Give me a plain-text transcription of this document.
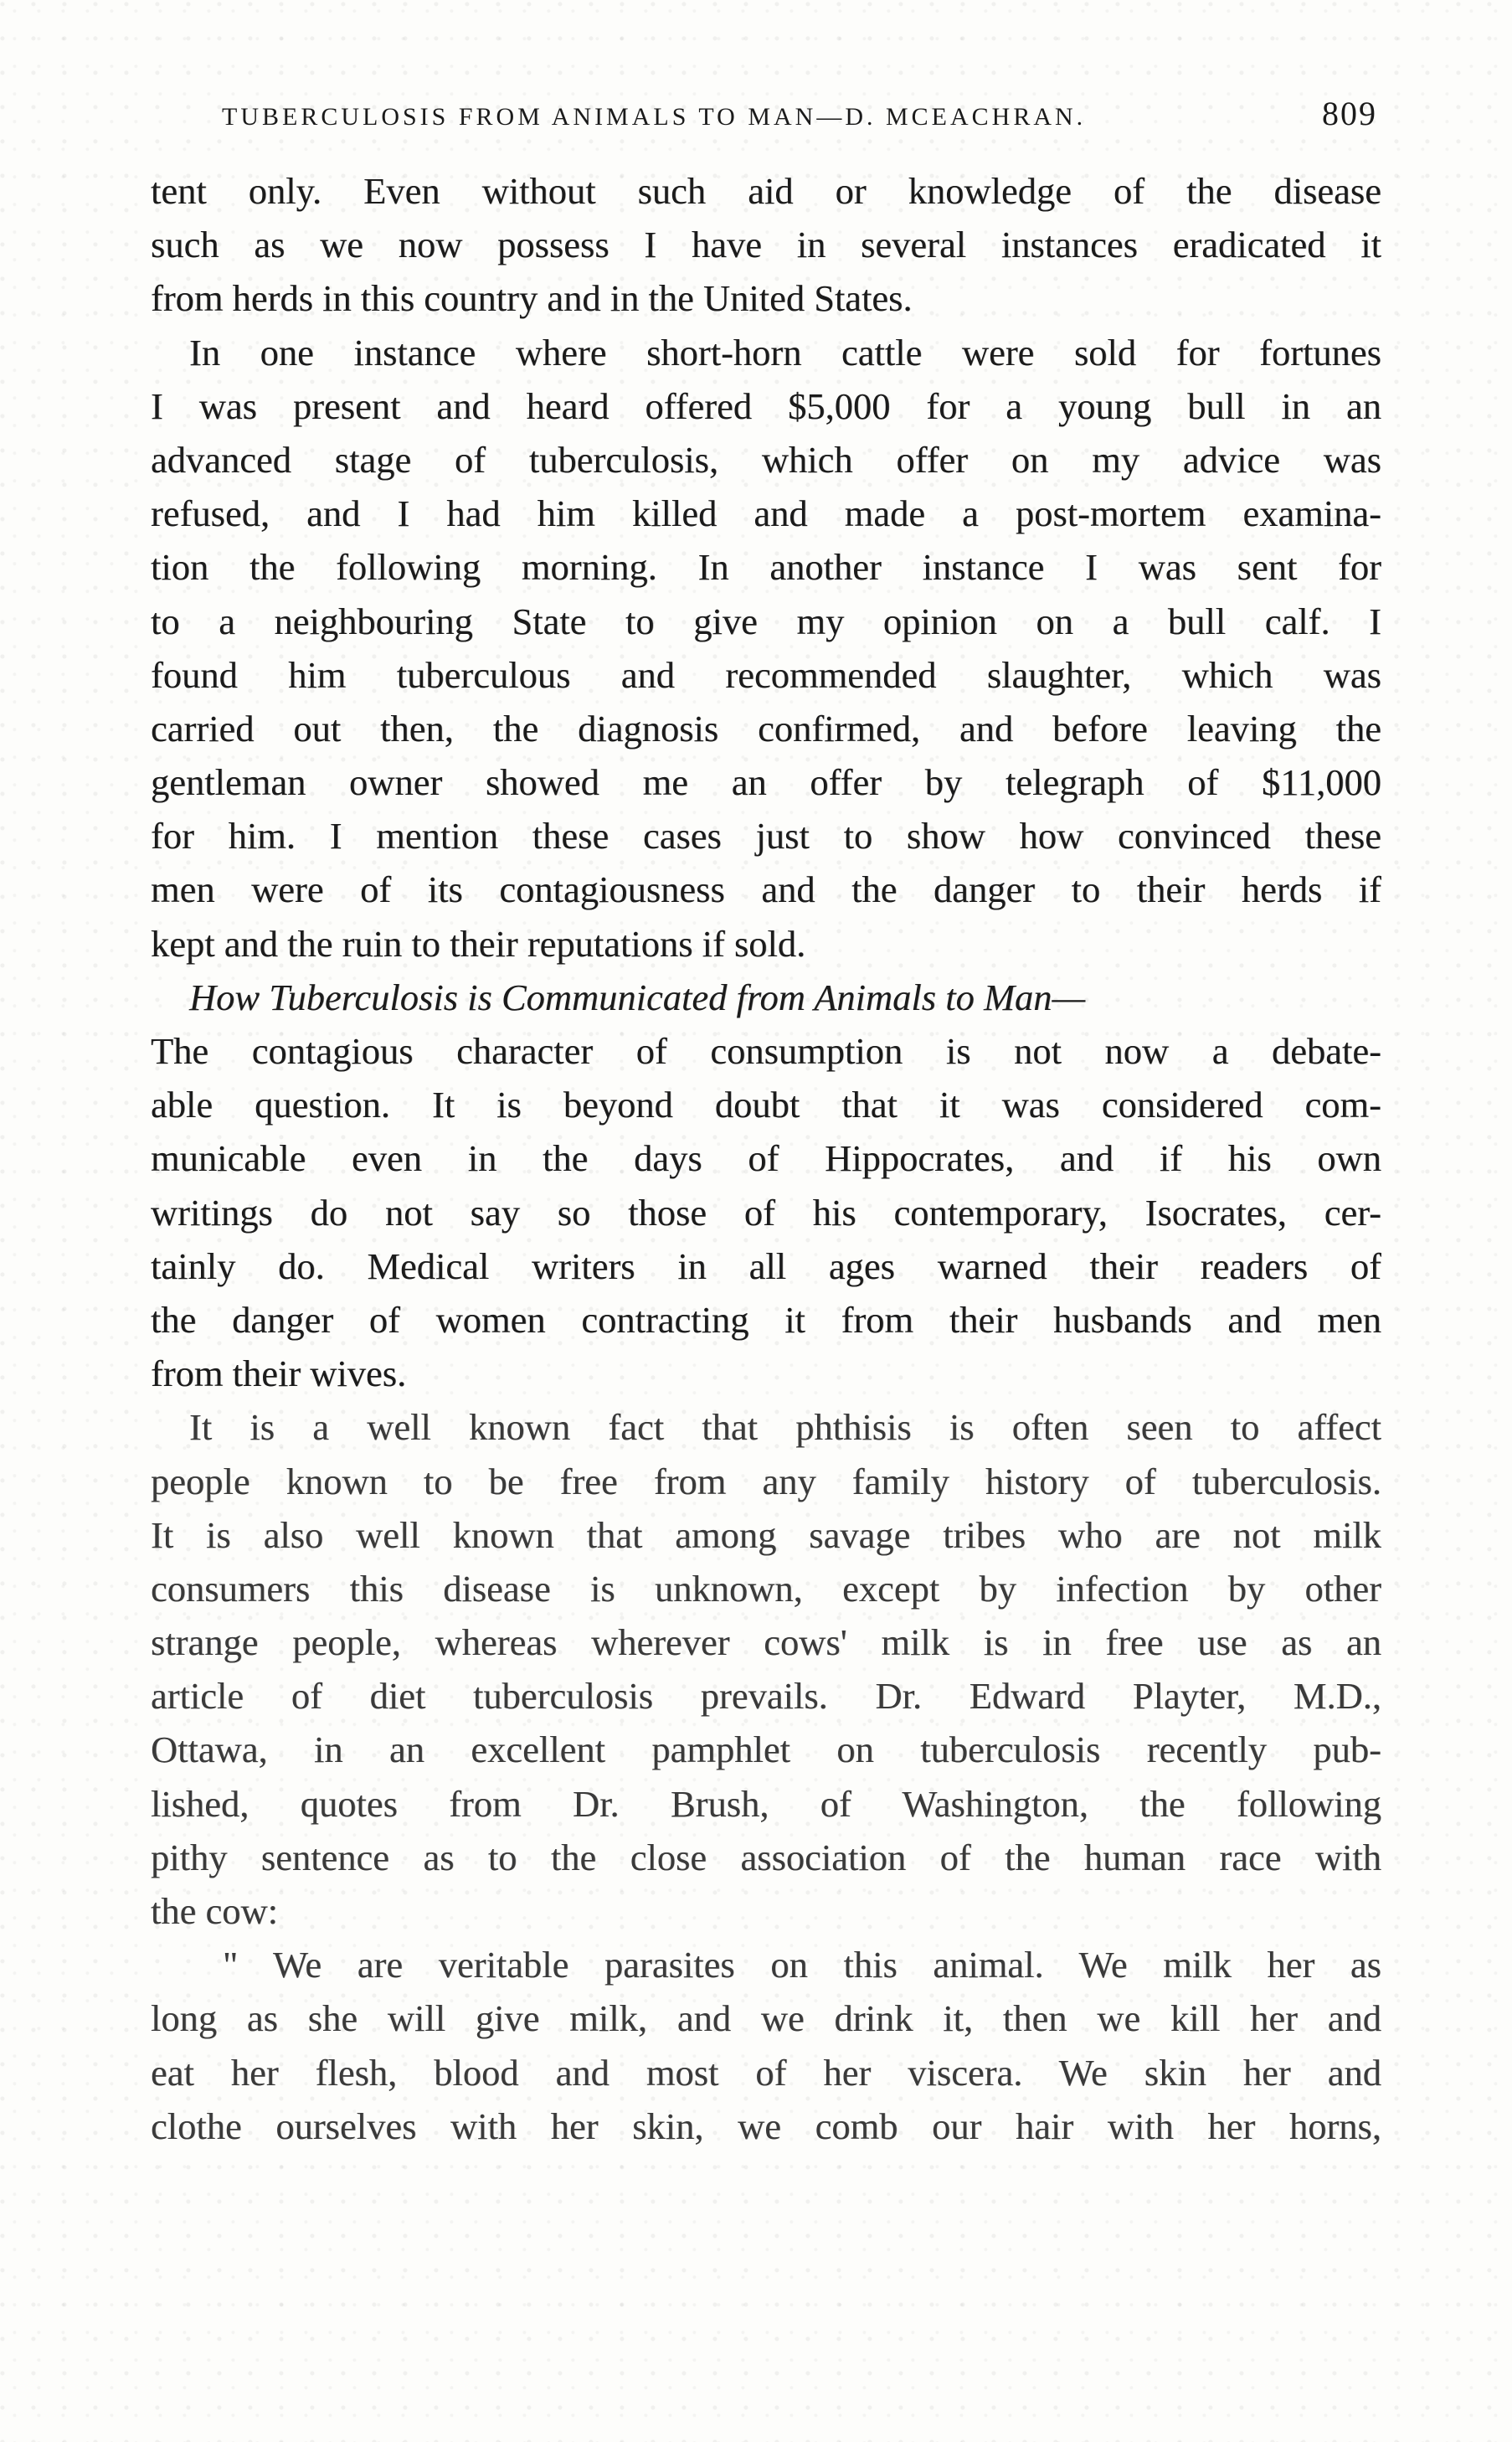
TUBERCULOSIS FROM ANIMALS TO MAN—D. MCEACHRAN.	809
tent only. Even without such aid or knowledge of the disease
such as we now possess I have in several instances eradicated it
from herds in this country and in the United States.
In one instance where short-horn cattle were sold for fortunes
I was present and heard offered $5,000 for a young bull in an
advanced stage of tuberculosis, which offer on my advice was
refused, and I had him killed and made a post-mortem examina-
tion the following morning. In another instance I was sent for
to a neighbouring State to give my opinion on a bull calf. I
found him tuberculous and recommended slaughter, which was
carried out then, the diagnosis confirmed, and before leaving the
gentleman owner showed me an offer by telegraph of $11,000
for him. I mention these cases just to show how convinced these
men were of its contagiousness and the danger to their herds if
kept and the ruin to their reputations if sold.
How Tuberculosis is Communicated from Animals to Man—
The contagious character of consumption is not now a debate-
able question. It is beyond doubt that it was considered com-
municable even in the days of Hippocrates, and if his own
writings do not say so those of his contemporary, Isocrates, cer-
tainly do. Medical writers in all ages warned their readers of
the danger of women contracting it from their husbands and men
from their wives.
It is a well known fact that phthisis is often seen to affect
people known to be free from any family history of tuberculosis.
It is also well known that among savage tribes who are not milk
consumers this disease is unknown, except by infection by other
strange people, whereas wherever cows' milk is in free use as an
article of diet tuberculosis prevails. Dr. Edward Playter, M.D.,
Ottawa, in an excellent pamphlet on tuberculosis recently pub-
lished, quotes from Dr. Brush, of Washington, the following
pithy sentence as to the close association of the human race with
the cow:
" We are veritable parasites on this animal. We milk her as
long as she will give milk, and we drink it, then we kill her and
eat her flesh, blood and most of her viscera. We skin her and
clothe ourselves with her skin, we comb our hair with her horns,
